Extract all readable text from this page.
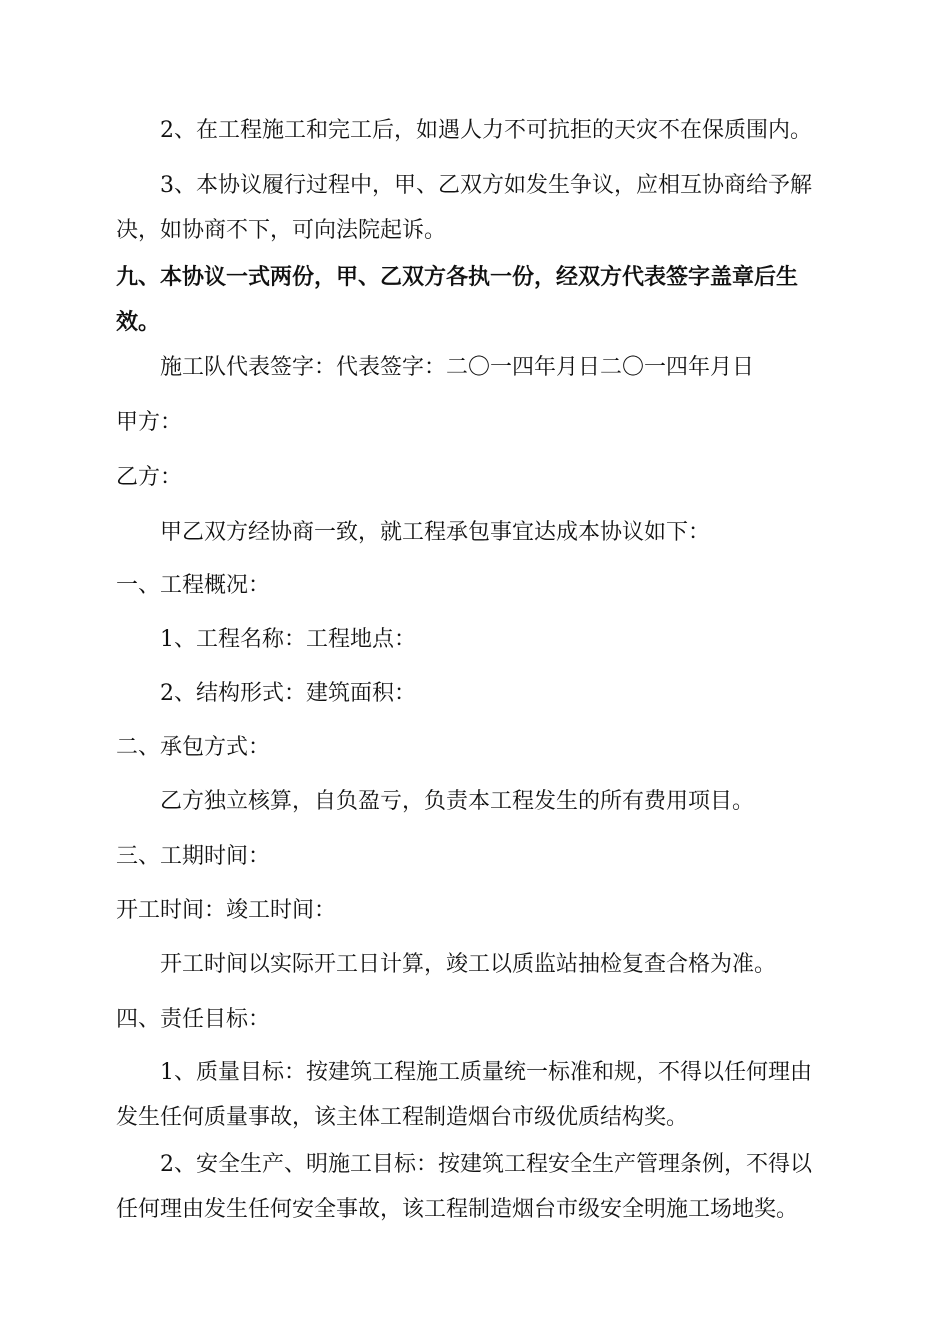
2、在工程施工和完工后，如遇人力不可抗拒的天灾不在保质围内。

3、本协议履行过程中，甲、乙双方如发生争议，应相互协商给予解决，如协商不下，可向法院起诉。

九、本协议一式两份，甲、乙双方各执一份，经双方代表签字盖章后生效。

施工队代表签字：代表签字：二〇一四年月日二〇一四年月日

甲方：

乙方：

甲乙双方经协商一致，就工程承包事宜达成本协议如下：

一、工程概况：

1、工程名称：工程地点：

2、结构形式：建筑面积：

二、承包方式：

乙方独立核算，自负盈亏，负责本工程发生的所有费用项目。

三、工期时间：

开工时间：竣工时间：

开工时间以实际开工日计算，竣工以质监站抽检复查合格为准。

四、责任目标：

1、质量目标：按建筑工程施工质量统一标准和规，不得以任何理由发生任何质量事故，该主体工程制造烟台市级优质结构奖。

2、安全生产、明施工目标：按建筑工程安全生产管理条例，不得以任何理由发生任何安全事故，该工程制造烟台市级安全明施工场地奖。
